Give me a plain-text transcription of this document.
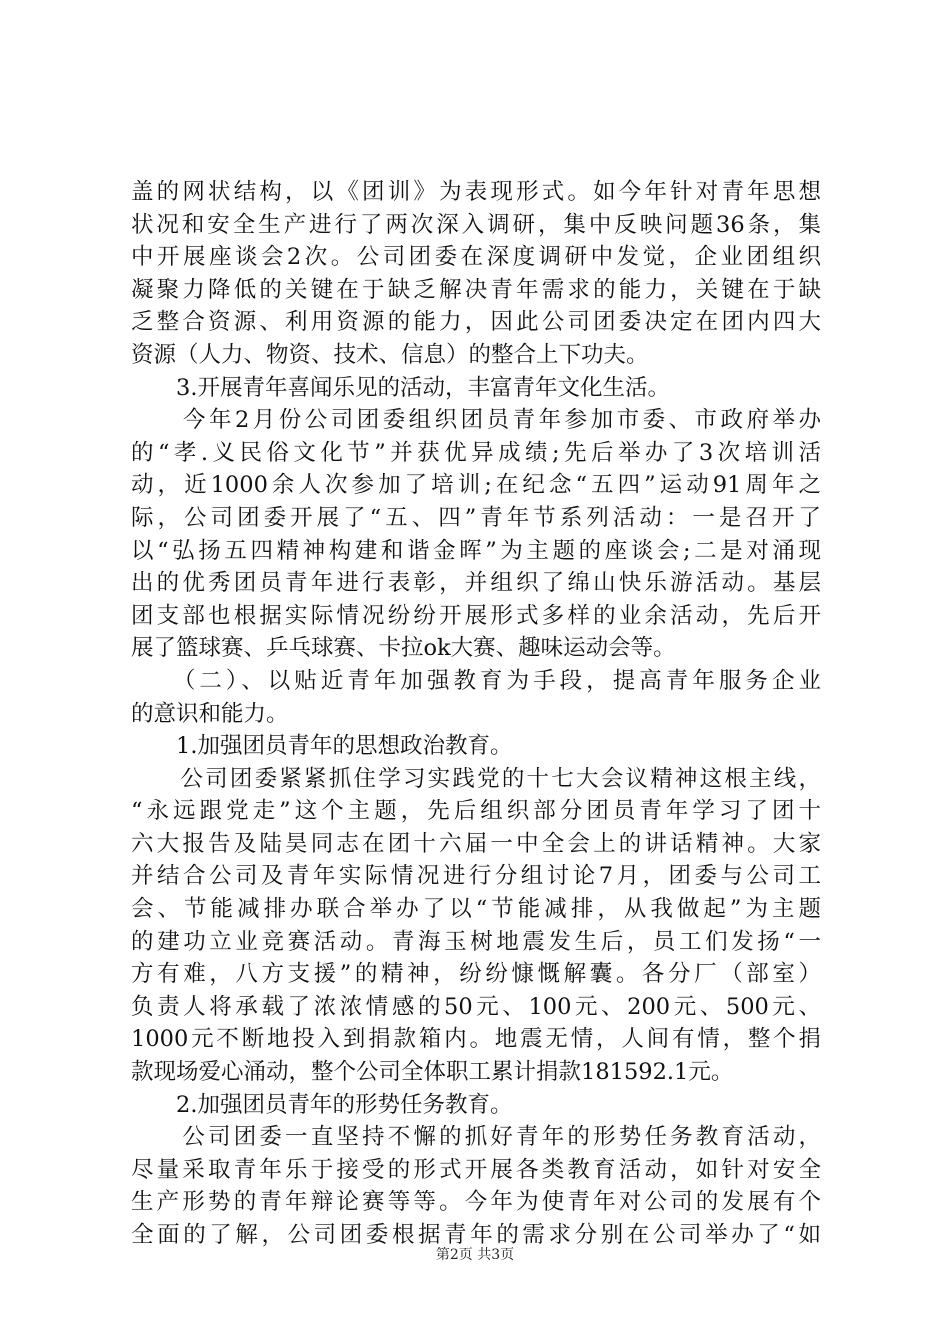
盖的网状结构，以《团训》为表现形式。如今年针对青年思想
状况和安全生产进行了两次深入调研，集中反映问题36条，集
中开展座谈会2次。公司团委在深度调研中发觉，企业团组织
凝聚力降低的关键在于缺乏解决青年需求的能力，关键在于缺
乏整合资源、利用资源的能力，因此公司团委决定在团内四大
资源（人力、物资、技术、信息）的整合上下功夫。
　　3.开展青年喜闻乐见的活动，丰富青年文化生活。
　　今年2月份公司团委组织团员青年参加市委、市政府举办
的“孝.义民俗文化节”并获优异成绩;先后举办了3次培训活
动，近1000余人次参加了培训;在纪念“五四”运动91周年之
际，公司团委开展了“五、四”青年节系列活动：一是召开了
以“弘扬五四精神构建和谐金晖”为主题的座谈会;二是对涌现
出的优秀团员青年进行表彰，并组织了绵山快乐游活动。基层
团支部也根据实际情况纷纷开展形式多样的业余活动，先后开
展了篮球赛、乒乓球赛、卡拉ok大赛、趣味运动会等。
　　（二）、以贴近青年加强教育为手段，提高青年服务企业
的意识和能力。
　　1.加强团员青年的思想政治教育。
　　公司团委紧紧抓住学习实践党的十七大会议精神这根主线，
“永远跟党走”这个主题，先后组织部分团员青年学习了团十
六大报告及陆昊同志在团十六届一中全会上的讲话精神。大家
并结合公司及青年实际情况进行分组讨论7月，团委与公司工
会、节能减排办联合举办了以“节能减排，从我做起”为主题
的建功立业竞赛活动。青海玉树地震发生后，员工们发扬“一
方有难，八方支援”的精神，纷纷慷慨解囊。各分厂（部室）
负责人将承载了浓浓情感的50元、100元、200元、500元、
1000元不断地投入到捐款箱内。地震无情，人间有情，整个捐
款现场爱心涌动，整个公司全体职工累计捐款181592.1元。
　　2.加强团员青年的形势任务教育。
　　公司团委一直坚持不懈的抓好青年的形势任务教育活动，
尽量采取青年乐于接受的形式开展各类教育活动，如针对安全
生产形势的青年辩论赛等等。今年为使青年对公司的发展有个
全面的了解，公司团委根据青年的需求分别在公司举办了“如
第2页 共3页
